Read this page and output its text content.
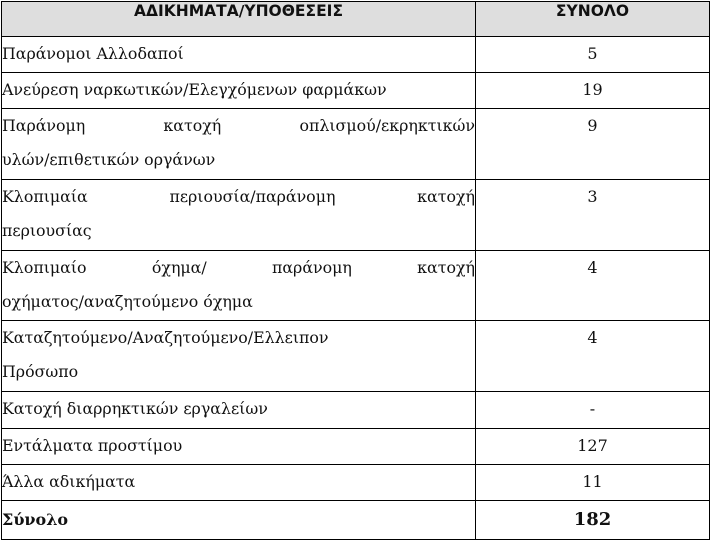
ΑΔΙΚΗΜΑΤΑ/ΥΠΟΘΕΣΕΙΣ	ΣΥΝΟΛΟ

Παράνομοι Αλλοδαποί	5

Ανεύρεση ναρκωτικών/Ελεγχόμενων φαρμάκων	19

Παράνομη κατοχή οπλισμού/εκρηκτικών
υλών/επιθετικών οργάνων	9

Κλοπιμαία περιουσία/παράνομη κατοχή
περιουσίας	3

Κλοπιμαίο όχημα/ παράνομη κατοχή
οχήματος/αναζητούμενο όχημα	4

Καταζητούμενο/Αναζητούμενο/Ελλειπον
Πρόσωπο	4

Κατοχή διαρρηκτικών εργαλείων	-

Εντάλματα προστίμου	127

Άλλα αδικήματα	11
Σύνολο	182
